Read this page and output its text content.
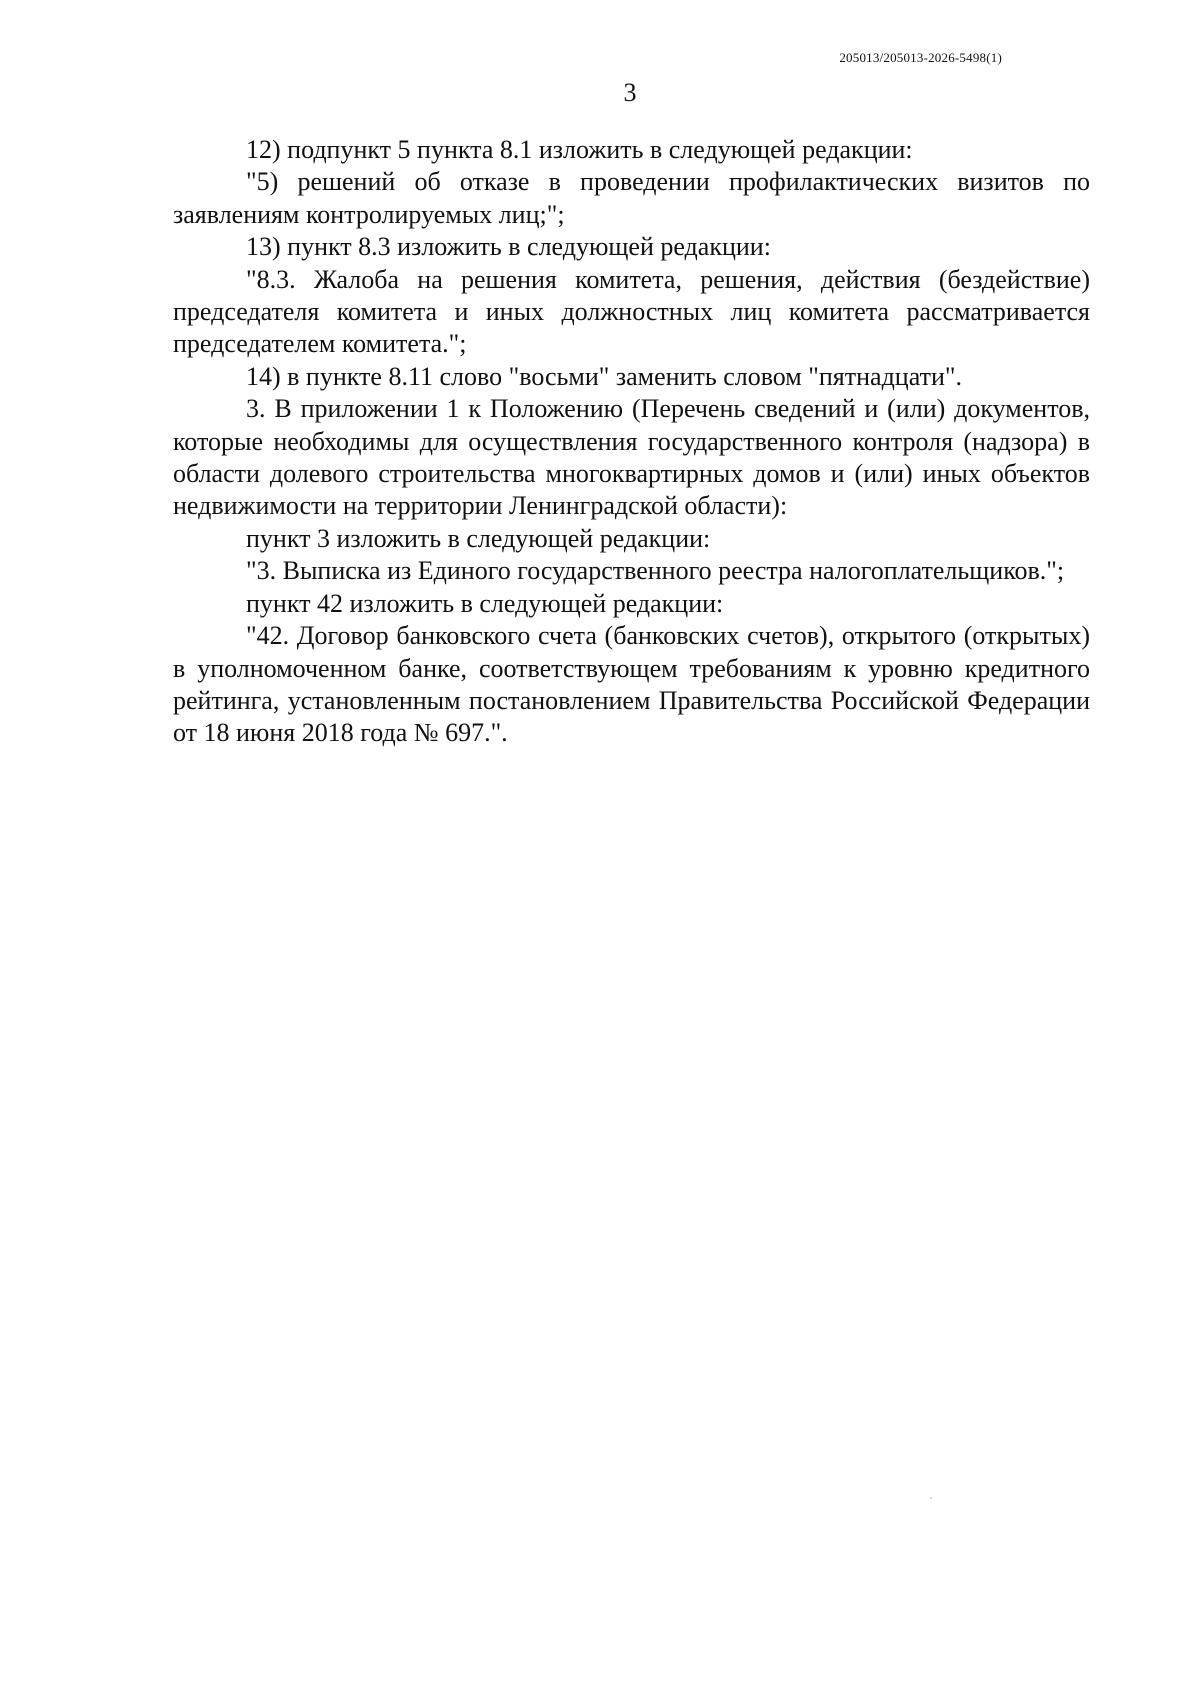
205013/205013-2026-5498(1)
3

12) подпункт 5 пункта 8.1 изложить в следующей редакции:

"5) решений об отказе в проведении профилактических визитов по заявлениям контролируемых лиц;";

13) пункт 8.3 изложить в следующей редакции:

"8.3. Жалоба на решения комитета, решения, действия (бездействие) председателя комитета и иных должностных лиц комитета рассматривается председателем комитета.";

14) в пункте 8.11 слово "восьми" заменить словом "пятнадцати".

3. В приложении 1 к Положению (Перечень сведений и (или) документов, которые необходимы для осуществления государственного контроля (надзора) в области долевого строительства многоквартирных домов и (или) иных объектов недвижимости на территории Ленинградской области):

пункт 3 изложить в следующей редакции:

"3. Выписка из Единого государственного реестра налогоплательщиков.";

пункт 42 изложить в следующей редакции:

"42. Договор банковского счета (банковских счетов), открытого (открытых) в уполномоченном банке, соответствующем требованиям к уровню кредитного рейтинга, установленным постановлением Правительства Российской Федерации от 18 июня 2018 года № 697.".
